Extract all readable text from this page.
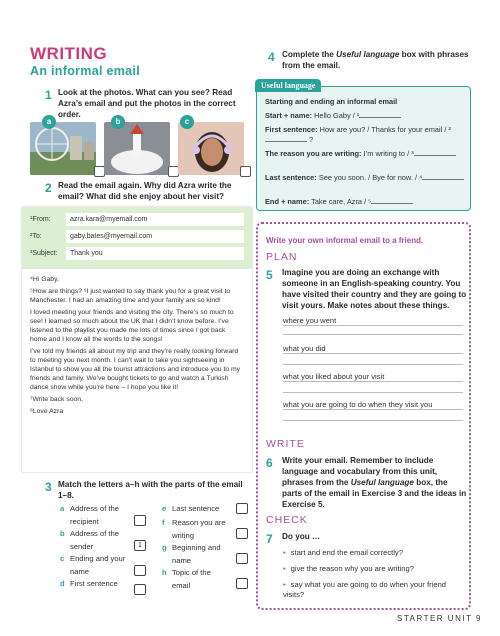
WRITING
An informal email
1 Look at the photos. What can you see? Read Azra’s email and put the photos in the correct order.
a	b	c
2 Read the email again. Why did Azra write the email? What did she enjoy about her visit?
¹From:	azra.kara@myemail.com
²To:	gaby.bates@myemail.com
³Subject:	Thank you

⁴Hi Gaby,

⁵How are things? ⁶I just wanted to say thank you for a great visit to Manchester. I had an amazing time and your family are so kind!

I loved meeting your friends and visiting the city. There’s so much to see! I learned so much about the UK that I didn’t know before. I’ve listened to the playlist you made me lots of times since I got back home and I know all the words to the songs!

I’ve told my friends all about my trip and they’re really looking forward to meeting you next month. I can’t wait to take you sightseeing in Istanbul to show you all the tourist attractions and introduce you to my friends and family. We’ve bought tickets to go and watch a Turkish dance show while you’re here – I hope you like it!

⁷Write back soon,

⁸Love Azra

3 Match the letters a–h with the parts of the email 1–8.
a Address of the
recipient
b Address of the
sender
c Ending and your
name
d First sentence
1
e Last sentence
f Reason you are
writing
g Beginning and
name
h Topic of the
email
4 Complete the Useful language box with phrases from the email.
Useful language
Starting and ending an informal email
Start + name: Hello Gaby / ¹
First sentence: How are you? / Thanks for your email / ² ?
The reason you are writing: I’m writing to / ³
Last sentence: See you soon. / Bye for now. / ⁴
End + name: Take care, Azra / ⁵
Write your own informal email to a friend.
PLAN
5 Imagine you are doing an exchange with someone in an English-speaking country. You have visited their country and they are going to visit yours. Make notes about these things.
where you went
what you did
what you liked about your visit
what you are going to do when they visit you
WRITE
6 Write your email. Remember to include language and vocabulary from this unit, phrases from the Useful language box, the parts of the email in Exercise 3 and the ideas in Exercise 5.
CHECK
7 Do you …
• start and end the email correctly?
• give the reason why you are writing?
• say what you are going to do when your friend visits?
STARTER UNIT 9
